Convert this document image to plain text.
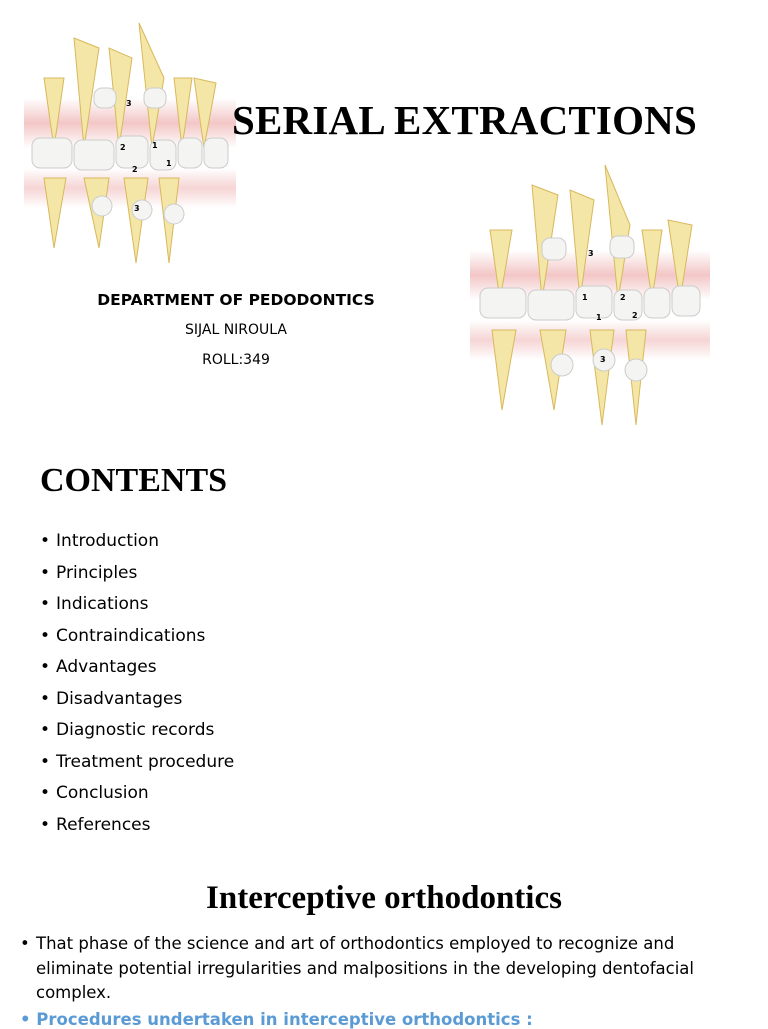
3
2	1
1
2
3
SERIAL EXTRACTIONS
3
1	2
1	2
3
DEPARTMENT OF PEDODONTICS
SIJAL NIROULA
ROLL:349
CONTENTS
• Introduction
• Principles
• Indications
• Contraindications
• Advantages
• Disadvantages
• Diagnostic records
• Treatment procedure
• Conclusion
• References
Interceptive orthodontics

• That phase of the science and art of orthodontics employed to recognize and eliminate potential irregularities and malpositions in the developing dentofacial complex.

• Procedures undertaken in interceptive orthodontics :
